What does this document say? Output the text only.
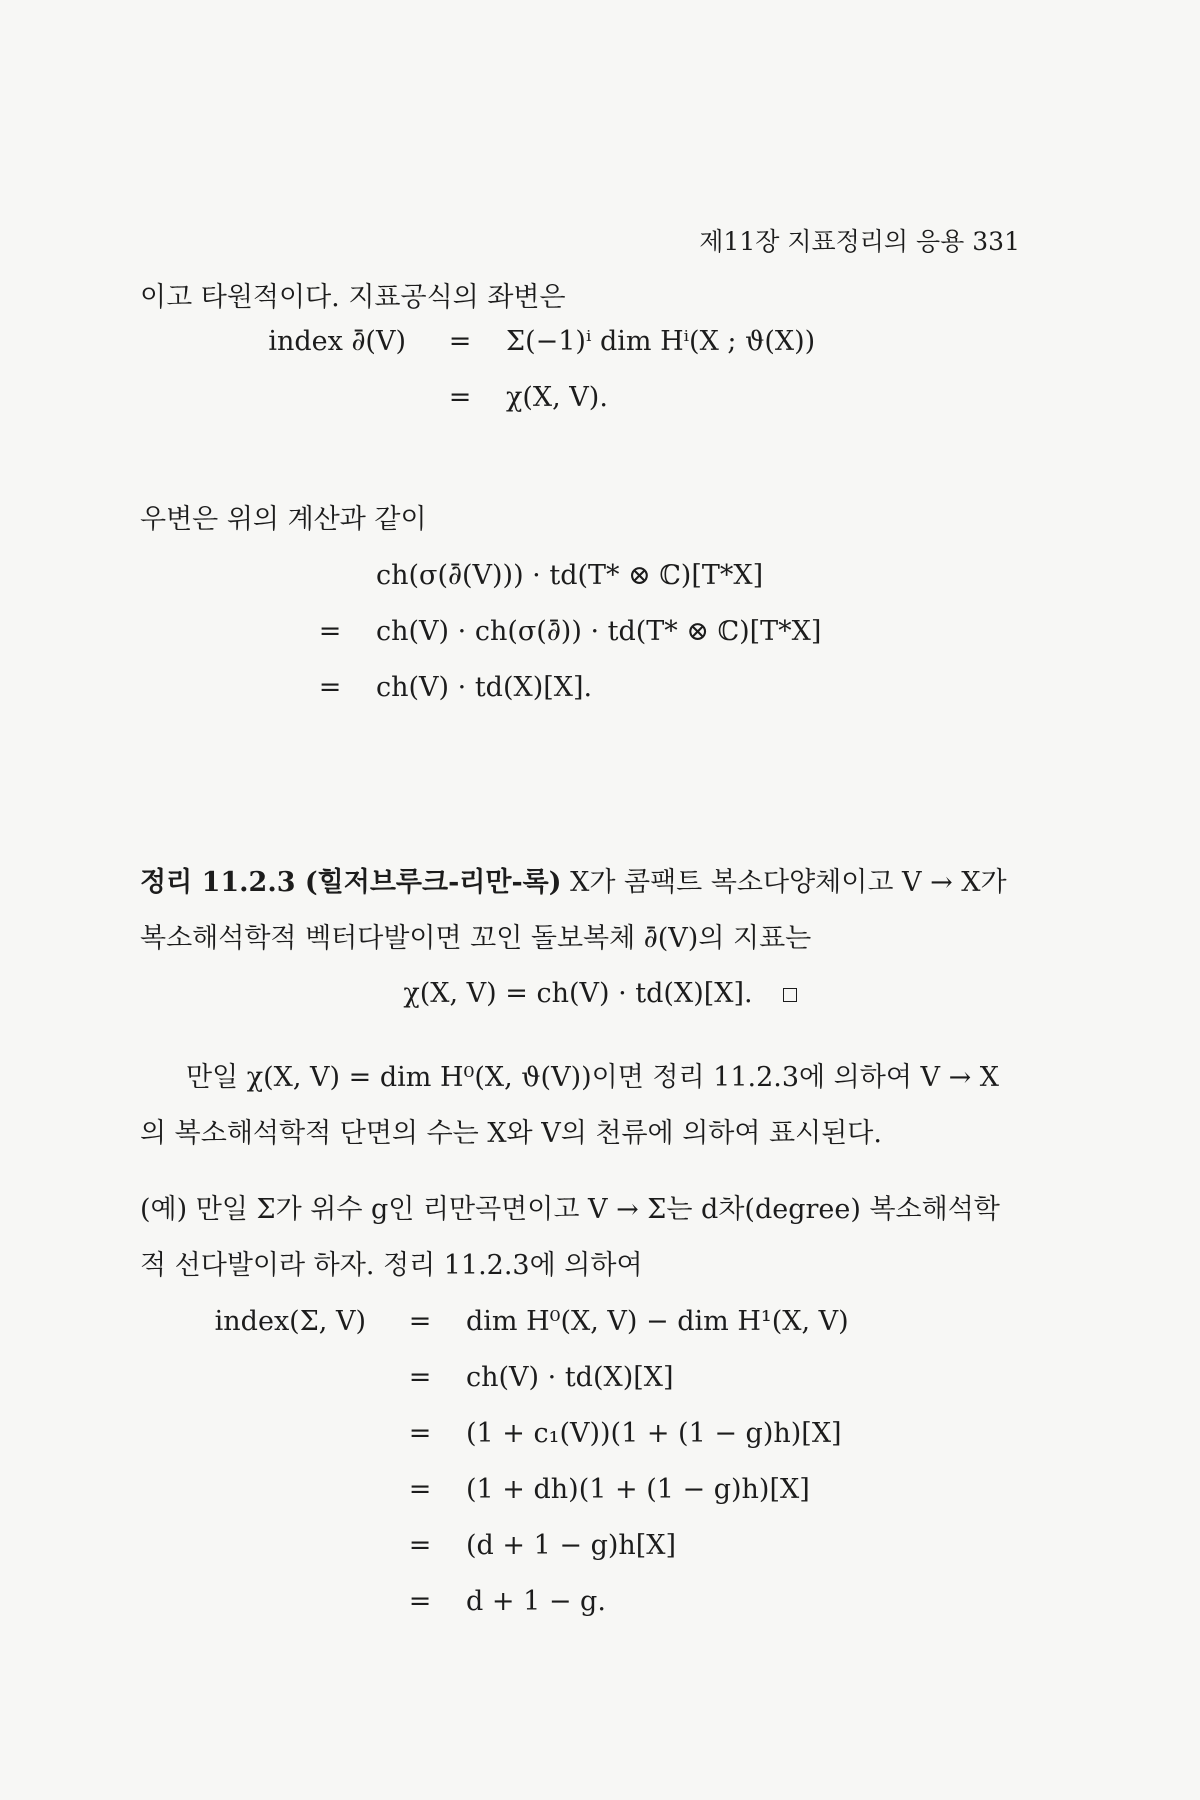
제11장 지표정리의 응용 331

이고 타원적이다. 지표공식의 좌변은

index ∂̄(V)	=	Σ(−1)ⁱ dim Hⁱ(X ; ϑ(X))
=	χ(X, V).

우변은 위의 계산과 같이

ch(σ(∂̄(V))) · td(T* ⊗ ℂ)[T*X]
=	ch(V) · ch(σ(∂̄)) · td(T* ⊗ ℂ)[T*X]
=	ch(V) · td(X)[X].

정리 11.2.3 (힐저브루크-리만-록) X가 콤팩트 복소다양체이고 V → X가 복소해석학적 벡터다발이면 꼬인 돌보복체 ∂̄(V)의 지표는

χ(X, V) = ch(V) · td(X)[X].

만일 χ(X, V) = dim H⁰(X, ϑ(V))이면 정리 11.2.3에 의하여 V → X의 복소해석학적 단면의 수는 X와 V의 천류에 의하여 표시된다.

(예) 만일 Σ가 위수 g인 리만곡면이고 V → Σ는 d차(degree) 복소해석학적 선다발이라 하자. 정리 11.2.3에 의하여

index(Σ, V)	=	dim H⁰(X, V) − dim H¹(X, V)
=	ch(V) · td(X)[X]
=	(1 + c₁(V))(1 + (1 − g)h)[X]
=	(1 + dh)(1 + (1 − g)h)[X]
=	(d + 1 − g)h[X]
=	d + 1 − g.
